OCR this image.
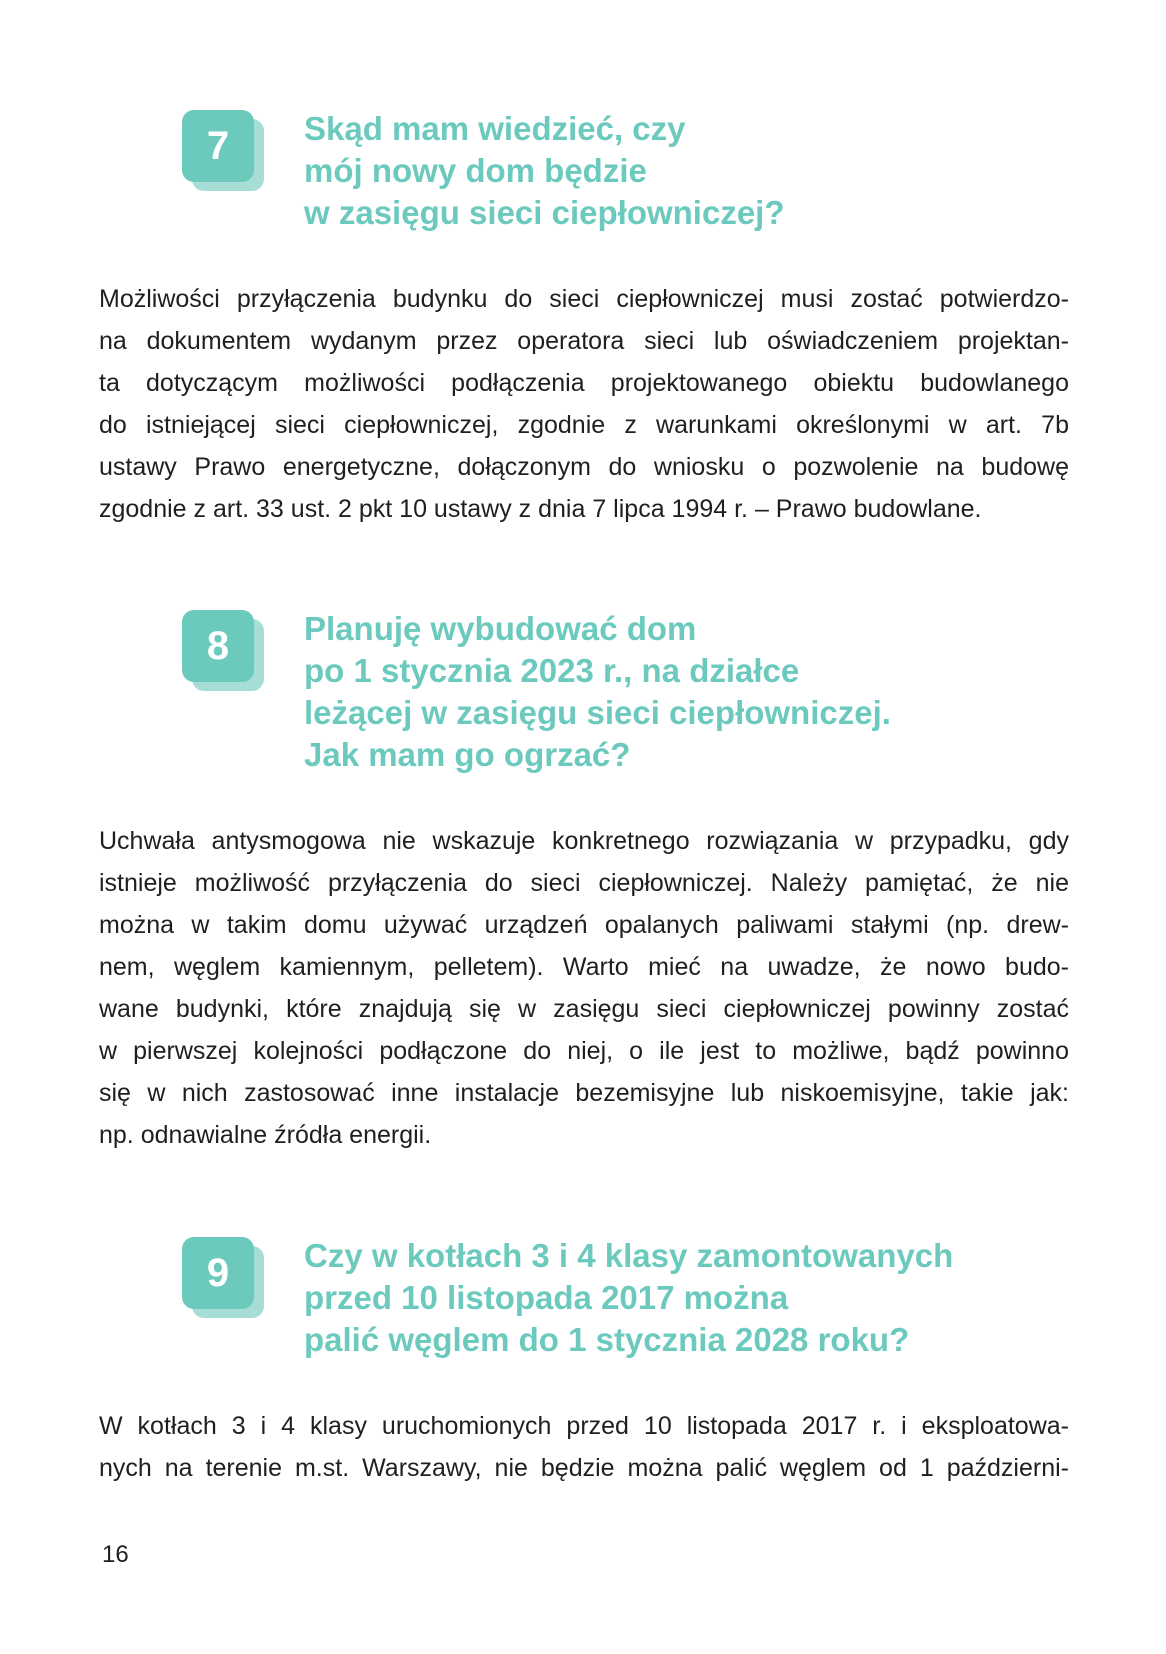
7	Skąd mam wiedzieć, czy
mój nowy dom będzie
w zasięgu sieci ciepłowniczej?

Możliwości przyłączenia budynku do sieci ciepłowniczej musi zostać potwierdzo-
na dokumentem wydanym przez operatora sieci lub oświadczeniem projektan-
ta dotyczącym możliwości podłączenia projektowanego obiektu budowlanego
do istniejącej sieci ciepłowniczej, zgodnie z warunkami określonymi w art. 7b
ustawy Prawo energetyczne, dołączonym do wniosku o pozwolenie na budowę
zgodnie z art. 33 ust. 2 pkt 10 ustawy z dnia 7 lipca 1994 r. – Prawo budowlane.

8	Planuję wybudować dom
po 1 stycznia 2023 r., na działce
leżącej w zasięgu sieci ciepłowniczej.
Jak mam go ogrzać?

Uchwała antysmogowa nie wskazuje konkretnego rozwiązania w przypadku, gdy
istnieje możliwość przyłączenia do sieci ciepłowniczej. Należy pamiętać, że nie
można w takim domu używać urządzeń opalanych paliwami stałymi (np. drew-
nem, węglem kamiennym, pelletem). Warto mieć na uwadze, że nowo budo-
wane budynki, które znajdują się w zasięgu sieci ciepłowniczej powinny zostać
w pierwszej kolejności podłączone do niej, o ile jest to możliwe, bądź powinno
się w nich zastosować inne instalacje bezemisyjne lub niskoemisyjne, takie jak:
np. odnawialne źródła energii.

9	Czy w kotłach 3 i 4 klasy zamontowanych
przed 10 listopada 2017 można
palić węglem do 1 stycznia 2028 roku?

W kotłach 3 i 4 klasy uruchomionych przed 10 listopada 2017 r. i eksploatowa-
nych na terenie m.st. Warszawy, nie będzie można palić węglem od 1 październi-

16
